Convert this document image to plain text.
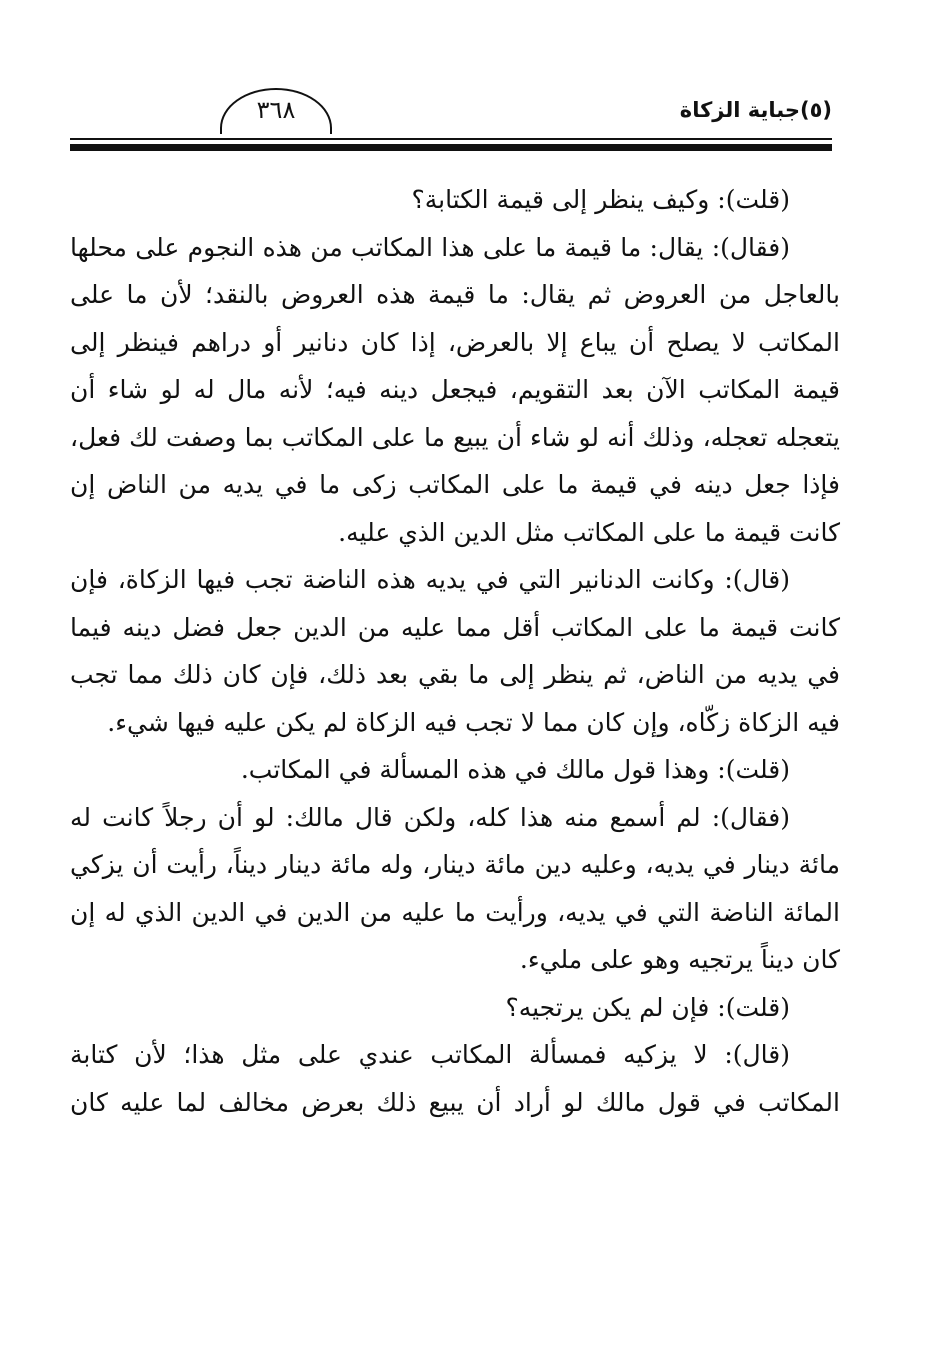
(٥)جباية الزكاة
٣٦٨

(قلت): وكيف ينظر إلى قيمة الكتابة؟

(فقال): يقال: ما قيمة ما على هذا المكاتب من هذه النجوم على محلها بالعاجل من العروض ثم يقال: ما قيمة هذه العروض بالنقد؛ لأن ما على المكاتب لا يصلح أن يباع إلا بالعرض، إذا كان دنانير أو دراهم فينظر إلى قيمة المكاتب الآن بعد التقويم، فيجعل دينه فيه؛ لأنه مال له لو شاء أن يتعجله تعجله، وذلك أنه لو شاء أن يبيع ما على المكاتب بما وصفت لك فعل، فإذا جعل دينه في قيمة ما على المكاتب زكى ما في يديه من الناض إن كانت قيمة ما على المكاتب مثل الدين الذي عليه.

(قال): وكانت الدنانير التي في يديه هذه الناضة تجب فيها الزكاة، فإن كانت قيمة ما على المكاتب أقل مما عليه من الدين جعل فضل دينه فيما في يديه من الناض، ثم ينظر إلى ما بقي بعد ذلك، فإن كان ذلك مما تجب فيه الزكاة زكّاه، وإن كان مما لا تجب فيه الزكاة لم يكن عليه فيها شيء.

(قلت): وهذا قول مالك في هذه المسألة في المكاتب.

(فقال): لم أسمع منه هذا كله، ولكن قال مالك: لو أن رجلاً كانت له مائة دينار في يديه، وعليه دين مائة دينار، وله مائة دينار ديناً، رأيت أن يزكي المائة الناضة التي في يديه، ورأيت ما عليه من الدين في الدين الذي له إن كان ديناً يرتجيه وهو على مليء.

(قلت): فإن لم يكن يرتجيه؟

(قال): لا يزكيه فمسألة المكاتب عندي على مثل هذا؛ لأن كتابة المكاتب في قول مالك لو أراد أن يبيع ذلك بعرض مخالف لما عليه كان
